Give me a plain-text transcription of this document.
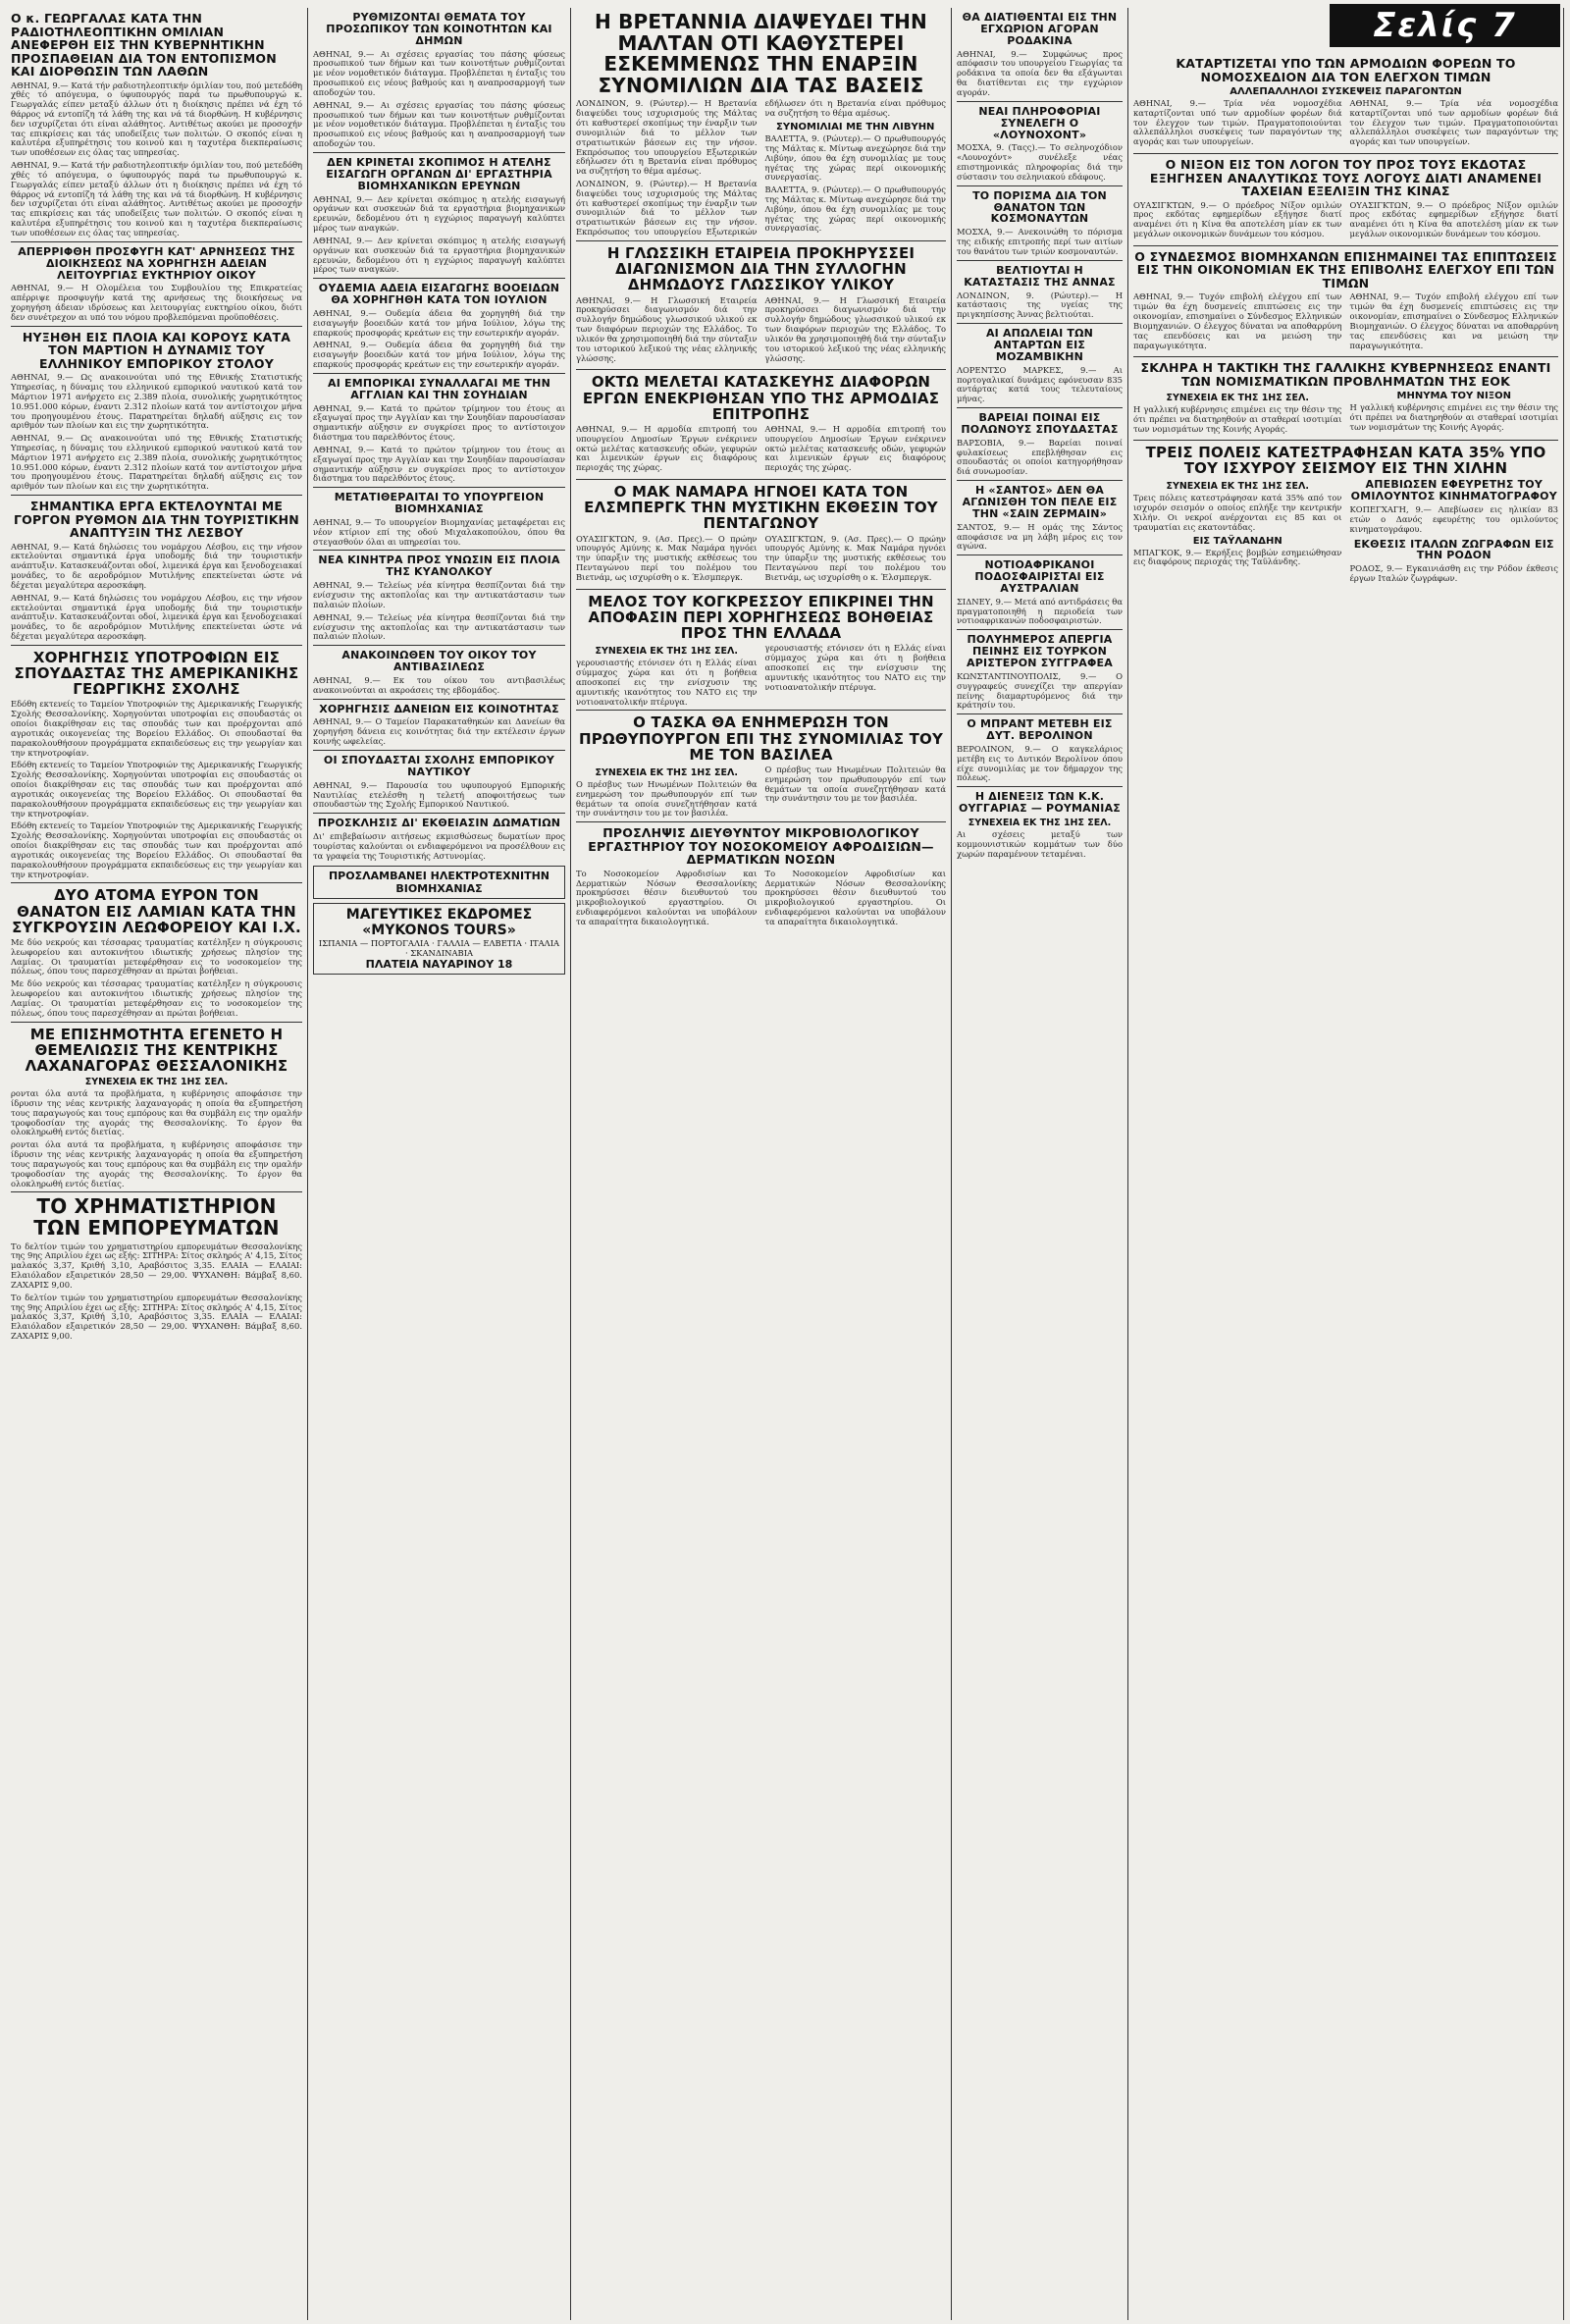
Ο κ. ΓΕΩΡΓΑΛΑΣ ΚΑΤΑ ΤΗΝ ΡΑΔΙΟΤΗΛΕΟΠΤΙΚΗΝ ΟΜΙΛΙΑΝ ΑΝΕΦΕΡΘΗ ΕΙΣ ΤΗΝ ΚΥΒΕΡΝΗΤΙΚΗΝ ΠΡΟΣΠΑΘΕΙΑΝ ΔΙΑ ΤΟΝ ΕΝΤΟΠΙΣΜΟΝ ΚΑΙ ΔΙΟΡΘΩΣΙΝ ΤΩΝ ΛΑΘΩΝ
ΑΘΗΝΑΙ, 9.— Κατά τήν ραδιοτηλεοπτικήν όμιλίαν του, πού μετεδόθη χθές τό απόγευμα, ο ύφυπουργός παρά τω πρωθυπουργώ κ. Γεωργαλάς είπεν μεταξύ άλλων ότι η διοίκησις πρέπει νά έχη τό θάρρος νά εντοπίζη τά λάθη της και νά τά διορθώνη. Η κυβέρνησις δεν ισχυρίζεται ότι είναι αλάθητος. Αντιθέτως ακούει με προσοχήν τας επικρίσεις και τάς υποδείξεις των πολιτών. Ο σκοπός είναι η καλυτέρα εξυπηρέτησις του κοινού και η ταχυτέρα διεκπεραίωσις των υποθέσεων εις όλας τας υπηρεσίας.
ΑΘΗΝΑΙ, 9.— Κατά τήν ραδιοτηλεοπτικήν όμιλίαν του, πού μετεδόθη χθές τό απόγευμα, ο ύφυπουργός παρά τω πρωθυπουργώ κ. Γεωργαλάς είπεν μεταξύ άλλων ότι η διοίκησις πρέπει νά έχη τό θάρρος νά εντοπίζη τά λάθη της και νά τά διορθώνη. Η κυβέρνησις δεν ισχυρίζεται ότι είναι αλάθητος. Αντιθέτως ακούει με προσοχήν τας επικρίσεις και τάς υποδείξεις των πολιτών. Ο σκοπός είναι η καλυτέρα εξυπηρέτησις του κοινού και η ταχυτέρα διεκπεραίωσις των υποθέσεων εις όλας τας υπηρεσίας.
ΑΠΕΡΡΙΦΘΗ ΠΡΟΣΦΥΓΗ ΚΑΤ' ΑΡΝΗΣΕΩΣ ΤΗΣ ΔΙΟΙΚΗΣΕΩΣ ΝΑ ΧΟΡΗΓΗΣΗ ΑΔΕΙΑΝ ΛΕΙΤΟΥΡΓΙΑΣ ΕΥΚΤΗΡΙΟΥ ΟΙΚΟΥ
ΑΘΗΝΑΙ, 9.— Η Ολομέλεια του Συμβουλίου της Επικρατείας απέρριψε προσφυγήν κατά της αρνήσεως της διοικήσεως να χορηγήση άδειαν ιδρύσεως και λειτουργίας ευκτηρίου οίκου, διότι δεν συνέτρεχον αι υπό του νόμου προβλεπόμεναι προϋποθέσεις.
ΗΥΞΗΘΗ ΕΙΣ ΠΛΟΙΑ ΚΑΙ ΚΟΡΟΥΣ ΚΑΤΑ ΤΟΝ ΜΑΡΤΙΟΝ Η ΔΥΝΑΜΙΣ ΤΟΥ ΕΛΛΗΝΙΚΟΥ ΕΜΠΟΡΙΚΟΥ ΣΤΟΛΟΥ
ΑΘΗΝΑΙ, 9.— Ως ανακοινούται υπό της Εθνικής Στατιστικής Υπηρεσίας, η δύναμις του ελληνικού εμπορικού ναυτικού κατά τον Μάρτιον 1971 ανήρχετο εις 2.389 πλοία, συνολικής χωρητικότητος 10.951.000 κόρων, έναντι 2.312 πλοίων κατά τον αντίστοιχον μήνα του προηγουμένου έτους. Παρατηρείται δηλαδή αύξησις εις τον αριθμόν των πλοίων και εις την χωρητικότητα.
ΑΘΗΝΑΙ, 9.— Ως ανακοινούται υπό της Εθνικής Στατιστικής Υπηρεσίας, η δύναμις του ελληνικού εμπορικού ναυτικού κατά τον Μάρτιον 1971 ανήρχετο εις 2.389 πλοία, συνολικής χωρητικότητος 10.951.000 κόρων, έναντι 2.312 πλοίων κατά τον αντίστοιχον μήνα του προηγουμένου έτους. Παρατηρείται δηλαδή αύξησις εις τον αριθμόν των πλοίων και εις την χωρητικότητα.
ΣΗΜΑΝΤΙΚΑ ΕΡΓΑ ΕΚΤΕΛΟΥΝΤΑΙ ΜΕ ΓΟΡΓΟΝ ΡΥΘΜΟΝ ΔΙΑ ΤΗΝ ΤΟΥΡΙΣΤΙΚΗΝ ΑΝΑΠΤΥΞΙΝ ΤΗΣ ΛΕΣΒΟΥ
ΑΘΗΝΑΙ, 9.— Κατά δηλώσεις του νομάρχου Λέσβου, εις την νήσον εκτελούνται σημαντικά έργα υποδομής διά την τουριστικήν ανάπτυξιν. Κατασκευάζονται οδοί, λιμενικά έργα και ξενοδοχειακαί μονάδες, το δε αεροδρόμιον Μυτιλήνης επεκτείνεται ώστε νά δέχεται μεγαλύτερα αεροσκάφη.
ΑΘΗΝΑΙ, 9.— Κατά δηλώσεις του νομάρχου Λέσβου, εις την νήσον εκτελούνται σημαντικά έργα υποδομής διά την τουριστικήν ανάπτυξιν. Κατασκευάζονται οδοί, λιμενικά έργα και ξενοδοχειακαί μονάδες, το δε αεροδρόμιον Μυτιλήνης επεκτείνεται ώστε νά δέχεται μεγαλύτερα αεροσκάφη.
ΧΟΡΗΓΗΣΙΣ ΥΠΟΤΡΟΦΙΩΝ ΕΙΣ ΣΠΟΥΔΑΣΤΑΣ ΤΗΣ ΑΜΕΡΙΚΑΝΙΚΗΣ ΓΕΩΡΓΙΚΗΣ ΣΧΟΛΗΣ
Εδόθη εκτενείς το Ταμείον Υποτροφιών της Αμερικανικής Γεωργικής Σχολής Θεσσαλονίκης. Χορηγούνται υποτροφίαι εις σπουδαστάς οι οποίοι διακρίθησαν εις τας σπουδάς των και προέρχονται από αγροτικάς οικογενείας της Βορείου Ελλάδος. Οι σπουδασταί θα παρακολουθήσουν προγράμματα εκπαιδεύσεως εις την γεωργίαν και την κτηνοτροφίαν.
Εδόθη εκτενείς το Ταμείον Υποτροφιών της Αμερικανικής Γεωργικής Σχολής Θεσσαλονίκης. Χορηγούνται υποτροφίαι εις σπουδαστάς οι οποίοι διακρίθησαν εις τας σπουδάς των και προέρχονται από αγροτικάς οικογενείας της Βορείου Ελλάδος. Οι σπουδασταί θα παρακολουθήσουν προγράμματα εκπαιδεύσεως εις την γεωργίαν και την κτηνοτροφίαν.
Εδόθη εκτενείς το Ταμείον Υποτροφιών της Αμερικανικής Γεωργικής Σχολής Θεσσαλονίκης. Χορηγούνται υποτροφίαι εις σπουδαστάς οι οποίοι διακρίθησαν εις τας σπουδάς των και προέρχονται από αγροτικάς οικογενείας της Βορείου Ελλάδος. Οι σπουδασταί θα παρακολουθήσουν προγράμματα εκπαιδεύσεως εις την γεωργίαν και την κτηνοτροφίαν.
ΔΥΟ ΑΤΟΜΑ ΕΥΡΟΝ ΤΟΝ ΘΑΝΑΤΟΝ ΕΙΣ ΛΑΜΙΑΝ ΚΑΤΑ ΤΗΝ ΣΥΓΚΡΟΥΣΙΝ ΛΕΩΦΟΡΕΙΟΥ ΚΑΙ Ι.Χ.
Με δύο νεκρούς και τέσσαρας τραυματίας κατέληξεν η σύγκρουσις λεωφορείου και αυτοκινήτου ιδιωτικής χρήσεως πλησίον της Λαμίας. Οι τραυματίαι μετεφέρθησαν εις το νοσοκομείον της πόλεως, όπου τους παρεσχέθησαν αι πρώται βοήθειαι.
Με δύο νεκρούς και τέσσαρας τραυματίας κατέληξεν η σύγκρουσις λεωφορείου και αυτοκινήτου ιδιωτικής χρήσεως πλησίον της Λαμίας. Οι τραυματίαι μετεφέρθησαν εις το νοσοκομείον της πόλεως, όπου τους παρεσχέθησαν αι πρώται βοήθειαι.
ΜΕ ΕΠΙΣΗΜΟΤΗΤΑ ΕΓΕΝΕΤΟ Η ΘΕΜΕΛΙΩΣΙΣ ΤΗΣ ΚΕΝΤΡΙΚΗΣ ΛΑΧΑΝΑΓΟΡΑΣ ΘΕΣΣΑΛΟΝΙΚΗΣ
ΣΥΝΕΧΕΙΑ ΕΚ ΤΗΣ 1ΗΣ ΣΕΛ.
ρονται όλα αυτά τα προβλήματα, η κυβέρνησις αποφάσισε την ίδρυσιν της νέας κεντρικής λαχαναγοράς η οποία θα εξυπηρετήση τους παραγωγούς και τους εμπόρους και θα συμβάλη εις την ομαλήν τροφοδοσίαν της αγοράς της Θεσσαλονίκης. Το έργον θα ολοκληρωθή εντός διετίας.
ρονται όλα αυτά τα προβλήματα, η κυβέρνησις αποφάσισε την ίδρυσιν της νέας κεντρικής λαχαναγοράς η οποία θα εξυπηρετήση τους παραγωγούς και τους εμπόρους και θα συμβάλη εις την ομαλήν τροφοδοσίαν της αγοράς της Θεσσαλονίκης. Το έργον θα ολοκληρωθή εντός διετίας.
ΤΟ ΧΡΗΜΑΤΙΣΤΗΡΙΟΝ ΤΩΝ ΕΜΠΟΡΕΥΜΑΤΩΝ
Το δελτίον τιμών του χρηματιστηρίου εμπορευμάτων Θεσσαλονίκης της 9ης Απριλίου έχει ως εξής: ΣΙΤΗΡΑ: Σίτος σκληρός Α' 4,15, Σίτος μαλακός 3,37, Κριθή 3,10, Αραβόσιτος 3,35. ΕΛΑΙΑ — ΕΛΑΙΑΙ: Ελαιόλαδον εξαιρετικόν 28,50 — 29,00. ΨΥΧΑΝΘΗ: Βάμβαξ 8,60. ΖΑΧΑΡΙΣ 9,00.
Το δελτίον τιμών του χρηματιστηρίου εμπορευμάτων Θεσσαλονίκης της 9ης Απριλίου έχει ως εξής: ΣΙΤΗΡΑ: Σίτος σκληρός Α' 4,15, Σίτος μαλακός 3,37, Κριθή 3,10, Αραβόσιτος 3,35. ΕΛΑΙΑ — ΕΛΑΙΑΙ: Ελαιόλαδον εξαιρετικόν 28,50 — 29,00. ΨΥΧΑΝΘΗ: Βάμβαξ 8,60. ΖΑΧΑΡΙΣ 9,00.
ΡΥΘΜΙΖΟΝΤΑΙ ΘΕΜΑΤΑ ΤΟΥ ΠΡΟΣΩΠΙΚΟΥ ΤΩΝ ΚΟΙΝΟΤΗΤΩΝ ΚΑΙ ΔΗΜΩΝ
ΑΘΗΝΑΙ, 9.— Αι σχέσεις εργασίας του πάσης φύσεως προσωπικού των δήμων και των κοινοτήτων ρυθμίζονται με νέον νομοθετικόν διάταγμα. Προβλέπεται η ένταξις του προσωπικού εις νέους βαθμούς και η αναπροσαρμογή των αποδοχών του.
ΑΘΗΝΑΙ, 9.— Αι σχέσεις εργασίας του πάσης φύσεως προσωπικού των δήμων και των κοινοτήτων ρυθμίζονται με νέον νομοθετικόν διάταγμα. Προβλέπεται η ένταξις του προσωπικού εις νέους βαθμούς και η αναπροσαρμογή των αποδοχών του.
ΔΕΝ ΚΡΙΝΕΤΑΙ ΣΚΟΠΙΜΟΣ Η ΑΤΕΛΗΣ ΕΙΣΑΓΩΓΗ ΟΡΓΑΝΩΝ ΔΙ' ΕΡΓΑΣΤΗΡΙΑ ΒΙΟΜΗΧΑΝΙΚΩΝ ΕΡΕΥΝΩΝ
ΑΘΗΝΑΙ, 9.— Δεν κρίνεται σκόπιμος η ατελής εισαγωγή οργάνων και συσκευών διά τα εργαστήρια βιομηχανικών ερευνών, δεδομένου ότι η εγχώριος παραγωγή καλύπτει μέρος των αναγκών.
ΑΘΗΝΑΙ, 9.— Δεν κρίνεται σκόπιμος η ατελής εισαγωγή οργάνων και συσκευών διά τα εργαστήρια βιομηχανικών ερευνών, δεδομένου ότι η εγχώριος παραγωγή καλύπτει μέρος των αναγκών.
ΟΥΔΕΜΙΑ ΑΔΕΙΑ ΕΙΣΑΓΩΓΗΣ ΒΟΟΕΙΔΩΝ ΘΑ ΧΟΡΗΓΗΘΗ ΚΑΤΑ ΤΟΝ ΙΟΥΛΙΟΝ
ΑΘΗΝΑΙ, 9.— Ουδεμία άδεια θα χορηγηθή διά την εισαγωγήν βοοειδών κατά τον μήνα Ιούλιον, λόγω της επαρκούς προσφοράς κρεάτων εις την εσωτερικήν αγοράν.
ΑΘΗΝΑΙ, 9.— Ουδεμία άδεια θα χορηγηθή διά την εισαγωγήν βοοειδών κατά τον μήνα Ιούλιον, λόγω της επαρκούς προσφοράς κρεάτων εις την εσωτερικήν αγοράν.
ΑΙ ΕΜΠΟΡΙΚΑΙ ΣΥΝΑΛΛΑΓΑΙ ΜΕ ΤΗΝ ΑΓΓΛΙΑΝ ΚΑΙ ΤΗΝ ΣΟΥΗΔΙΑΝ
ΑΘΗΝΑΙ, 9.— Κατά το πρώτον τρίμηνον του έτους αι εξαγωγαί προς την Αγγλίαν και την Σουηδίαν παρουσίασαν σημαντικήν αύξησιν εν συγκρίσει προς το αντίστοιχον διάστημα του παρελθόντος έτους.
ΑΘΗΝΑΙ, 9.— Κατά το πρώτον τρίμηνον του έτους αι εξαγωγαί προς την Αγγλίαν και την Σουηδίαν παρουσίασαν σημαντικήν αύξησιν εν συγκρίσει προς το αντίστοιχον διάστημα του παρελθόντος έτους.
ΜΕΤΑΤΙΘΕΡΑΙΤΑΙ ΤΟ ΥΠΟΥΡΓΕΙΟΝ ΒΙΟΜΗΧΑΝΙΑΣ
ΑΘΗΝΑΙ, 9.— Το υπουργείον Βιομηχανίας μεταφέρεται εις νέον κτίριον επί της οδού Μιχαλακοπούλου, όπου θα στεγασθούν όλαι αι υπηρεσίαι του.
ΝΕΑ ΚΙΝΗΤΡΑ ΠΡΟΣ ΥΝΩΣΙΝ ΕΙΣ ΠΛΟΙΑ ΤΗΣ ΚΥΑΝΟΛΚΟΥ
ΑΘΗΝΑΙ, 9.— Τελείως νέα κίνητρα θεσπίζονται διά την ενίσχυσιν της ακτοπλοΐας και την αντικατάστασιν των παλαιών πλοίων.
ΑΘΗΝΑΙ, 9.— Τελείως νέα κίνητρα θεσπίζονται διά την ενίσχυσιν της ακτοπλοΐας και την αντικατάστασιν των παλαιών πλοίων.
ΑΝΑΚΟΙΝΩΘΕΝ ΤΟΥ ΟΙΚΟΥ ΤΟΥ ΑΝΤΙΒΑΣΙΛΕΩΣ
ΑΘΗΝΑΙ, 9.— Εκ του οίκου του αντιβασιλέως ανακοινούνται αι ακροάσεις της εβδομάδος.
ΧΟΡΗΓΗΣΙΣ ΔΑΝΕΙΩΝ ΕΙΣ ΚΟΙΝΟΤΗΤΑΣ
ΑΘΗΝΑΙ, 9.— Ο Ταμείον Παρακαταθηκών και Δανείων θα χορηγήση δάνεια εις κοινότητας διά την εκτέλεσιν έργων κοινής ωφελείας.
ΟΙ ΣΠΟΥΔΑΣΤΑΙ ΣΧΟΛΗΣ ΕΜΠΟΡΙΚΟΥ ΝΑΥΤΙΚΟΥ
ΑΘΗΝΑΙ, 9.— Παρουσία του υφυπουργού Εμπορικής Ναυτιλίας ετελέσθη η τελετή αποφοιτήσεως των σπουδαστών της Σχολής Εμπορικού Ναυτικού.
ΠΡΟΣΚΛΗΣΙΣ ΔΙ' ΕΚΘΕΙΑΣΙΝ ΔΩΜΑΤΙΩΝ
Δι' επιβεβαίωσιν αιτήσεως εκμισθώσεως δωματίων προς τουρίστας καλούνται οι ενδιαφερόμενοι να προσέλθουν εις τα γραφεία της Τουριστικής Αστυνομίας.
ΠΡΟΣΛΑΜΒΑΝΕΙ ΗΛΕΚΤΡΟΤΕΧΝΙΤΗΝ
ΒΙΟΜΗΧΑΝΙΑΣ
ΜΑΓΕΥΤΙΚΕΣ ΕΚΔΡΟΜΕΣ
«MYKONOS TOURS»
ΙΣΠΑΝΙΑ — ΠΟΡΤΟΓΑΛΙΑ · ΓΑΛΛΙΑ — ΕΛΒΕΤΙΑ · ΙΤΑΛΙΑ · ΣΚΑΝΔΙΝΑΒΙΑ
ΠΛΑΤΕΙΑ ΝΑΥΑΡΙΝΟΥ 18
Η ΒΡΕΤΑΝΝΙΑ ΔΙΑΨΕΥΔΕΙ ΤΗΝ ΜΑΛΤΑΝ ΟΤΙ ΚΑΘΥΣΤΕΡΕΙ ΕΣΚΕΜΜΕΝΩΣ ΤΗΝ ΕΝΑΡΞΙΝ ΣΥΝΟΜΙΛΙΩΝ ΔΙΑ ΤΑΣ ΒΑΣΕΙΣ
ΛΟΝΔΙΝΟΝ, 9. (Ρώυτερ).— Η Βρετανία διαψεύδει τους ισχυρισμούς της Μάλτας ότι καθυστερεί σκοπίμως την έναρξιν των συνομιλιών διά το μέλλον των στρατιωτικών βάσεων εις την νήσον. Εκπρόσωπος του υπουργείου Εξωτερικών εδήλωσεν ότι η Βρετανία είναι πρόθυμος να συζητήση το θέμα αμέσως.
ΛΟΝΔΙΝΟΝ, 9. (Ρώυτερ).— Η Βρετανία διαψεύδει τους ισχυρισμούς της Μάλτας ότι καθυστερεί σκοπίμως την έναρξιν των συνομιλιών διά το μέλλον των στρατιωτικών βάσεων εις την νήσον. Εκπρόσωπος του υπουργείου Εξωτερικών εδήλωσεν ότι η Βρετανία είναι πρόθυμος να συζητήση το θέμα αμέσως.
ΣΥΝΟΜΙΛΙΑΙ ΜΕ ΤΗΝ ΛΙΒΥΗΝ
ΒΑΛΕΤΤΑ, 9. (Ρώυτερ).— Ο πρωθυπουργός της Μάλτας κ. Μίντωφ ανεχώρησε διά την Λιβύην, όπου θα έχη συνομιλίας με τους ηγέτας της χώρας περί οικονομικής συνεργασίας.
ΒΑΛΕΤΤΑ, 9. (Ρώυτερ).— Ο πρωθυπουργός της Μάλτας κ. Μίντωφ ανεχώρησε διά την Λιβύην, όπου θα έχη συνομιλίας με τους ηγέτας της χώρας περί οικονομικής συνεργασίας.
Η ΓΛΩΣΣΙΚΗ ΕΤΑΙΡΕΙΑ ΠΡΟΚΗΡΥΣΣΕΙ ΔΙΑΓΩΝΙΣΜΟΝ ΔΙΑ ΤΗΝ ΣΥΛΛΟΓΗΝ ΔΗΜΩΔΟΥΣ ΓΛΩΣΣΙΚΟΥ ΥΛΙΚΟΥ
ΑΘΗΝΑΙ, 9.— Η Γλωσσική Εταιρεία προκηρύσσει διαγωνισμόν διά την συλλογήν δημώδους γλωσσικού υλικού εκ των διαφόρων περιοχών της Ελλάδος. Το υλικόν θα χρησιμοποιηθή διά την σύνταξιν του ιστορικού λεξικού της νέας ελληνικής γλώσσης.
ΑΘΗΝΑΙ, 9.— Η Γλωσσική Εταιρεία προκηρύσσει διαγωνισμόν διά την συλλογήν δημώδους γλωσσικού υλικού εκ των διαφόρων περιοχών της Ελλάδος. Το υλικόν θα χρησιμοποιηθή διά την σύνταξιν του ιστορικού λεξικού της νέας ελληνικής γλώσσης.
ΟΚΤΩ ΜΕΛΕΤΑΙ ΚΑΤΑΣΚΕΥΗΣ ΔΙΑΦΟΡΩΝ ΕΡΓΩΝ ΕΝΕΚΡΙΘΗΣΑΝ ΥΠΟ ΤΗΣ ΑΡΜΟΔΙΑΣ ΕΠΙΤΡΟΠΗΣ
ΑΘΗΝΑΙ, 9.— Η αρμοδία επιτροπή του υπουργείου Δημοσίων Έργων ενέκρινεν οκτώ μελέτας κατασκευής οδών, γεφυρών και λιμενικών έργων εις διαφόρους περιοχάς της χώρας.
ΑΘΗΝΑΙ, 9.— Η αρμοδία επιτροπή του υπουργείου Δημοσίων Έργων ενέκρινεν οκτώ μελέτας κατασκευής οδών, γεφυρών και λιμενικών έργων εις διαφόρους περιοχάς της χώρας.
Ο ΜΑΚ ΝΑΜΑΡΑ ΗΓΝΟΕΙ ΚΑΤΑ ΤΟΝ ΕΛΣΜΠΕΡΓΚ ΤΗΝ ΜΥΣΤΙΚΗΝ ΕΚΘΕΣΙΝ ΤΟΥ ΠΕΝΤΑΓΩΝΟΥ
ΟΥΑΣΙΓΚΤΩΝ, 9. (Ασ. Πρες).— Ο πρώην υπουργός Αμύνης κ. Μακ Ναμάρα ηγνόει την ύπαρξιν της μυστικής εκθέσεως του Πενταγώνου περί του πολέμου του Βιετνάμ, ως ισχυρίσθη ο κ. Έλσμπεργκ.
ΟΥΑΣΙΓΚΤΩΝ, 9. (Ασ. Πρες).— Ο πρώην υπουργός Αμύνης κ. Μακ Ναμάρα ηγνόει την ύπαρξιν της μυστικής εκθέσεως του Πενταγώνου περί του πολέμου του Βιετνάμ, ως ισχυρίσθη ο κ. Έλσμπεργκ.
ΜΕΛΟΣ ΤΟΥ ΚΟΓΚΡΕΣΣΟΥ ΕΠΙΚΡΙΝΕΙ ΤΗΝ ΑΠΟΦΑΣΙΝ ΠΕΡΙ ΧΟΡΗΓΗΣΕΩΣ ΒΟΗΘΕΙΑΣ ΠΡΟΣ ΤΗΝ ΕΛΛΑΔΑ
ΣΥΝΕΧΕΙΑ ΕΚ ΤΗΣ 1ΗΣ ΣΕΛ.
γερουσιαστής ετόνισεν ότι η Ελλάς είναι σύμμαχος χώρα και ότι η βοήθεια αποσκοπεί εις την ενίσχυσιν της αμυντικής ικανότητος του ΝΑΤΟ εις την νοτιοανατολικήν πτέρυγα.
γερουσιαστής ετόνισεν ότι η Ελλάς είναι σύμμαχος χώρα και ότι η βοήθεια αποσκοπεί εις την ενίσχυσιν της αμυντικής ικανότητος του ΝΑΤΟ εις την νοτιοανατολικήν πτέρυγα.
Ο ΤΑΣΚΑ ΘΑ ΕΝΗΜΕΡΩΣΗ ΤΟΝ ΠΡΩΘΥΠΟΥΡΓΟΝ ΕΠΙ ΤΗΣ ΣΥΝΟΜΙΛΙΑΣ ΤΟΥ ΜΕ ΤΟΝ ΒΑΣΙΛΕΑ
ΣΥΝΕΧΕΙΑ ΕΚ ΤΗΣ 1ΗΣ ΣΕΛ.
Ο πρέσβυς των Ηνωμένων Πολιτειών θα ενημερώση τον πρωθυπουργόν επί των θεμάτων τα οποία συνεζητήθησαν κατά την συνάντησιν του με τον βασιλέα.
Ο πρέσβυς των Ηνωμένων Πολιτειών θα ενημερώση τον πρωθυπουργόν επί των θεμάτων τα οποία συνεζητήθησαν κατά την συνάντησιν του με τον βασιλέα.
ΠΡΟΣΛΗΨΙΣ ΔΙΕΥΘΥΝΤΟΥ ΜΙΚΡΟΒΙΟΛΟΓΙΚΟΥ ΕΡΓΑΣΤΗΡΙΟΥ ΤΟΥ ΝΟΣΟΚΟΜΕΙΟΥ ΑΦΡΟΔΙΣΙΩΝ—ΔΕΡΜΑΤΙΚΩΝ ΝΟΣΩΝ
Το Νοσοκομείον Αφροδισίων και Δερματικών Νόσων Θεσσαλονίκης προκηρύσσει θέσιν διευθυντού του μικροβιολογικού εργαστηρίου. Οι ενδιαφερόμενοι καλούνται να υποβάλουν τα απαραίτητα δικαιολογητικά.
Το Νοσοκομείον Αφροδισίων και Δερματικών Νόσων Θεσσαλονίκης προκηρύσσει θέσιν διευθυντού του μικροβιολογικού εργαστηρίου. Οι ενδιαφερόμενοι καλούνται να υποβάλουν τα απαραίτητα δικαιολογητικά.
ΘΑ ΔΙΑΤΙΘΕΝΤΑΙ ΕΙΣ ΤΗΝ ΕΓΧΩΡΙΟΝ ΑΓΟΡΑΝ ΡΟΔΑΚΙΝΑ
ΑΘΗΝΑΙ, 9.— Συμφώνως προς απόφασιν του υπουργείου Γεωργίας τα ροδάκινα τα οποία δεν θα εξάγωνται θα διατίθενται εις την εγχώριον αγοράν.
ΝΕΑΙ ΠΛΗΡΟΦΟΡΙΑΙ ΣΥΝΕΛΕΓΗ Ο «ΛΟΥΝΟΧΟΝΤ»
ΜΟΣΧΑ, 9. (Ταςς).— Το σεληνοχόδιον «Λουνοχόντ» συνέλεξε νέας επιστημονικάς πληροφορίας διά την σύστασιν του σεληνιακού εδάφους.
ΤΟ ΠΟΡΙΣΜΑ ΔΙΑ ΤΟΝ ΘΑΝΑΤΟΝ ΤΩΝ ΚΟΣΜΟΝΑΥΤΩΝ
ΜΟΣΧΑ, 9.— Ανεκοινώθη το πόρισμα της ειδικής επιτροπής περί των αιτίων του θανάτου των τριών κοσμοναυτών.
ΒΕΛΤΙΟΥΤΑΙ Η ΚΑΤΑΣΤΑΣΙΣ ΤΗΣ ΑΝΝΑΣ
ΛΟΝΔΙΝΟΝ, 9. (Ρώυτερ).— Η κατάστασις της υγείας της πριγκηπίσσης Άννας βελτιούται.
ΑΙ ΑΠΩΛΕΙΑΙ ΤΩΝ ΑΝΤΑΡΤΩΝ ΕΙΣ ΜΟΖΑΜΒΙΚΗΝ
ΛΟΡΕΝΤΣΟ ΜΑΡΚΕΣ, 9.— Αι πορτογαλικαί δυνάμεις εφόνευσαν 835 αντάρτας κατά τους τελευταίους μήνας.
ΒΑΡΕΙΑΙ ΠΟΙΝΑΙ ΕΙΣ ΠΟΛΩΝΟΥΣ ΣΠΟΥΔΑΣΤΑΣ
ΒΑΡΣΟΒΙΑ, 9.— Βαρείαι ποιναί φυλακίσεως επεβλήθησαν εις σπουδαστάς οι οποίοι κατηγορήθησαν διά συνωμοσίαν.
Η «ΣΑΝΤΟΣ» ΔΕΝ ΘΑ ΑΓΩΝΙΣΘΗ ΤΟΝ ΠΕΛΕ ΕΙΣ ΤΗΝ «ΣΑΙΝ ΖΕΡΜΑΙΝ»
ΣΑΝΤΟΣ, 9.— Η ομάς της Σάντος αποφάσισε να μη λάβη μέρος εις τον αγώνα.
ΝΟΤΙΟΑΦΡΙΚΑΝΟΙ ΠΟΔΟΣΦΑΙΡΙΣΤΑΙ ΕΙΣ ΑΥΣΤΡΑΛΙΑΝ
ΣΙΔΝΕΥ, 9.— Μετά από αντιδράσεις θα πραγματοποιηθή η περιοδεία των νοτιοαφρικανών ποδοσφαιριστών.
ΠΟΛΥΗΜΕΡΟΣ ΑΠΕΡΓΙΑ ΠΕΙΝΗΣ ΕΙΣ ΤΟΥΡΚΟΝ ΑΡΙΣΤΕΡΟΝ ΣΥΓΓΡΑΦΕΑ
ΚΩΝΣΤΑΝΤΙΝΟΥΠΟΛΙΣ, 9.— Ο συγγραφεύς συνεχίζει την απεργίαν πείνης διαμαρτυρόμενος διά την κράτησίν του.
Ο ΜΠΡΑΝΤ ΜΕΤΕΒΗ ΕΙΣ ΔΥΤ. ΒΕΡΟΛΙΝΟΝ
ΒΕΡΟΛΙΝΟΝ, 9.— Ο καγκελάριος μετέβη εις το Δυτικόν Βερολίνον όπου είχε συνομιλίας με τον δήμαρχον της πόλεως.
Η ΔΙΕΝΕΞΙΣ ΤΩΝ Κ.Κ. ΟΥΓΓΑΡΙΑΣ — ΡΟΥΜΑΝΙΑΣ
ΣΥΝΕΧΕΙΑ ΕΚ ΤΗΣ 1ΗΣ ΣΕΛ.
Αι σχέσεις μεταξύ των κομμουνιστικών κομμάτων των δύο χωρών παραμένουν τεταμέναι.
ΚΑΤΑΡΤΙΖΕΤΑΙ ΥΠΟ ΤΩΝ ΑΡΜΟΔΙΩΝ ΦΟΡΕΩΝ ΤΟ ΝΟΜΟΣΧΕΔΙΟΝ ΔΙΑ ΤΟΝ ΕΛΕΓΧΟΝ ΤΙΜΩΝ
ΑΛΛΕΠΑΛΛΗΛΟΙ ΣΥΣΚΕΨΕΙΣ ΠΑΡΑΓΟΝΤΩΝ
ΑΘΗΝΑΙ, 9.— Τρία νέα νομοσχέδια καταρτίζονται υπό των αρμοδίων φορέων διά τον έλεγχον των τιμών. Πραγματοποιούνται αλλεπάλληλοι συσκέψεις των παραγόντων της αγοράς και των υπουργείων.
ΑΘΗΝΑΙ, 9.— Τρία νέα νομοσχέδια καταρτίζονται υπό των αρμοδίων φορέων διά τον έλεγχον των τιμών. Πραγματοποιούνται αλλεπάλληλοι συσκέψεις των παραγόντων της αγοράς και των υπουργείων.
Ο ΝΙΞΟΝ ΕΙΣ ΤΟΝ ΛΟΓΟΝ ΤΟΥ ΠΡΟΣ ΤΟΥΣ ΕΚΔΟΤΑΣ ΕΞΗΓΗΣΕΝ ΑΝΑΛΥΤΙΚΩΣ ΤΟΥΣ ΛΟΓΟΥΣ ΔΙΑΤΙ ΑΝΑΜΕΝΕΙ ΤΑΧΕΙΑΝ ΕΞΕΛΙΞΙΝ ΤΗΣ ΚΙΝΑΣ
ΟΥΑΣΙΓΚΤΩΝ, 9.— Ο πρόεδρος Νίξον ομιλών προς εκδότας εφημερίδων εξήγησε διατί αναμένει ότι η Κίνα θα αποτελέση μίαν εκ των μεγάλων οικονομικών δυνάμεων του κόσμου.
ΟΥΑΣΙΓΚΤΩΝ, 9.— Ο πρόεδρος Νίξον ομιλών προς εκδότας εφημερίδων εξήγησε διατί αναμένει ότι η Κίνα θα αποτελέση μίαν εκ των μεγάλων οικονομικών δυνάμεων του κόσμου.
Ο ΣΥΝΔΕΣΜΟΣ ΒΙΟΜΗΧΑΝΩΝ ΕΠΙΣΗΜΑΙΝΕΙ ΤΑΣ ΕΠΙΠΤΩΣΕΙΣ ΕΙΣ ΤΗΝ ΟΙΚΟΝΟΜΙΑΝ ΕΚ ΤΗΣ ΕΠΙΒΟΛΗΣ ΕΛΕΓΧΟΥ ΕΠΙ ΤΩΝ ΤΙΜΩΝ
ΑΘΗΝΑΙ, 9.— Τυχόν επιβολή ελέγχου επί των τιμών θα έχη δυσμενείς επιπτώσεις εις την οικονομίαν, επισημαίνει ο Σύνδεσμος Ελληνικών Βιομηχανιών. Ο έλεγχος δύναται να αποθαρρύνη τας επενδύσεις και να μειώση την παραγωγικότητα.
ΑΘΗΝΑΙ, 9.— Τυχόν επιβολή ελέγχου επί των τιμών θα έχη δυσμενείς επιπτώσεις εις την οικονομίαν, επισημαίνει ο Σύνδεσμος Ελληνικών Βιομηχανιών. Ο έλεγχος δύναται να αποθαρρύνη τας επενδύσεις και να μειώση την παραγωγικότητα.
ΣΚΛΗΡΑ Η ΤΑΚΤΙΚΗ ΤΗΣ ΓΑΛΛΙΚΗΣ ΚΥΒΕΡΝΗΣΕΩΣ ΕΝΑΝΤΙ ΤΩΝ ΝΟΜΙΣΜΑΤΙΚΩΝ ΠΡΟΒΛΗΜΑΤΩΝ ΤΗΣ ΕΟΚ
ΣΥΝΕΧΕΙΑ ΕΚ ΤΗΣ 1ΗΣ ΣΕΛ.
Η γαλλική κυβέρνησις επιμένει εις την θέσιν της ότι πρέπει να διατηρηθούν αι σταθεραί ισοτιμίαι των νομισμάτων της Κοινής Αγοράς.
ΜΗΝΥΜΑ ΤΟΥ ΝΙΞΟΝ
Η γαλλική κυβέρνησις επιμένει εις την θέσιν της ότι πρέπει να διατηρηθούν αι σταθεραί ισοτιμίαι των νομισμάτων της Κοινής Αγοράς.
ΤΡΕΙΣ ΠΟΛΕΙΣ ΚΑΤΕΣΤΡΑΦΗΣΑΝ ΚΑΤΑ 35% ΥΠΟ ΤΟΥ ΙΣΧΥΡΟΥ ΣΕΙΣΜΟΥ ΕΙΣ ΤΗΝ ΧΙΛΗΝ
ΣΥΝΕΧΕΙΑ ΕΚ ΤΗΣ 1ΗΣ ΣΕΛ.
Τρεις πόλεις κατεστράφησαν κατά 35% από τον ισχυρόν σεισμόν ο οποίος επλήξε την κεντρικήν Χιλήν. Οι νεκροί ανέρχονται εις 85 και οι τραυματίαι εις εκατοντάδας.
ΕΙΣ ΤΑΫΛΑΝΔΗΝ
ΜΠΑΓΚΟΚ, 9.— Εκρήξεις βομβών εσημειώθησαν εις διαφόρους περιοχάς της Ταϋλάνδης.
ΑΠΕΒΙΩΣΕΝ ΕΦΕΥΡΕΤΗΣ ΤΟΥ ΟΜΙΛΟΥΝΤΟΣ ΚΙΝΗΜΑΤΟΓΡΑΦΟΥ
ΚΟΠΕΓΧΑΓΗ, 9.— Απεβίωσεν εις ηλικίαν 83 ετών ο Δανός εφευρέτης του ομιλούντος κινηματογράφου.
ΕΚΘΕΣΙΣ ΙΤΑΛΩΝ ΖΩΓΡΑΦΩΝ ΕΙΣ ΤΗΝ ΡΟΔΟΝ
ΡΟΔΟΣ, 9.— Εγκαινιάσθη εις την Ρόδον έκθεσις έργων Ιταλών ζωγράφων.
Σελίς 7
